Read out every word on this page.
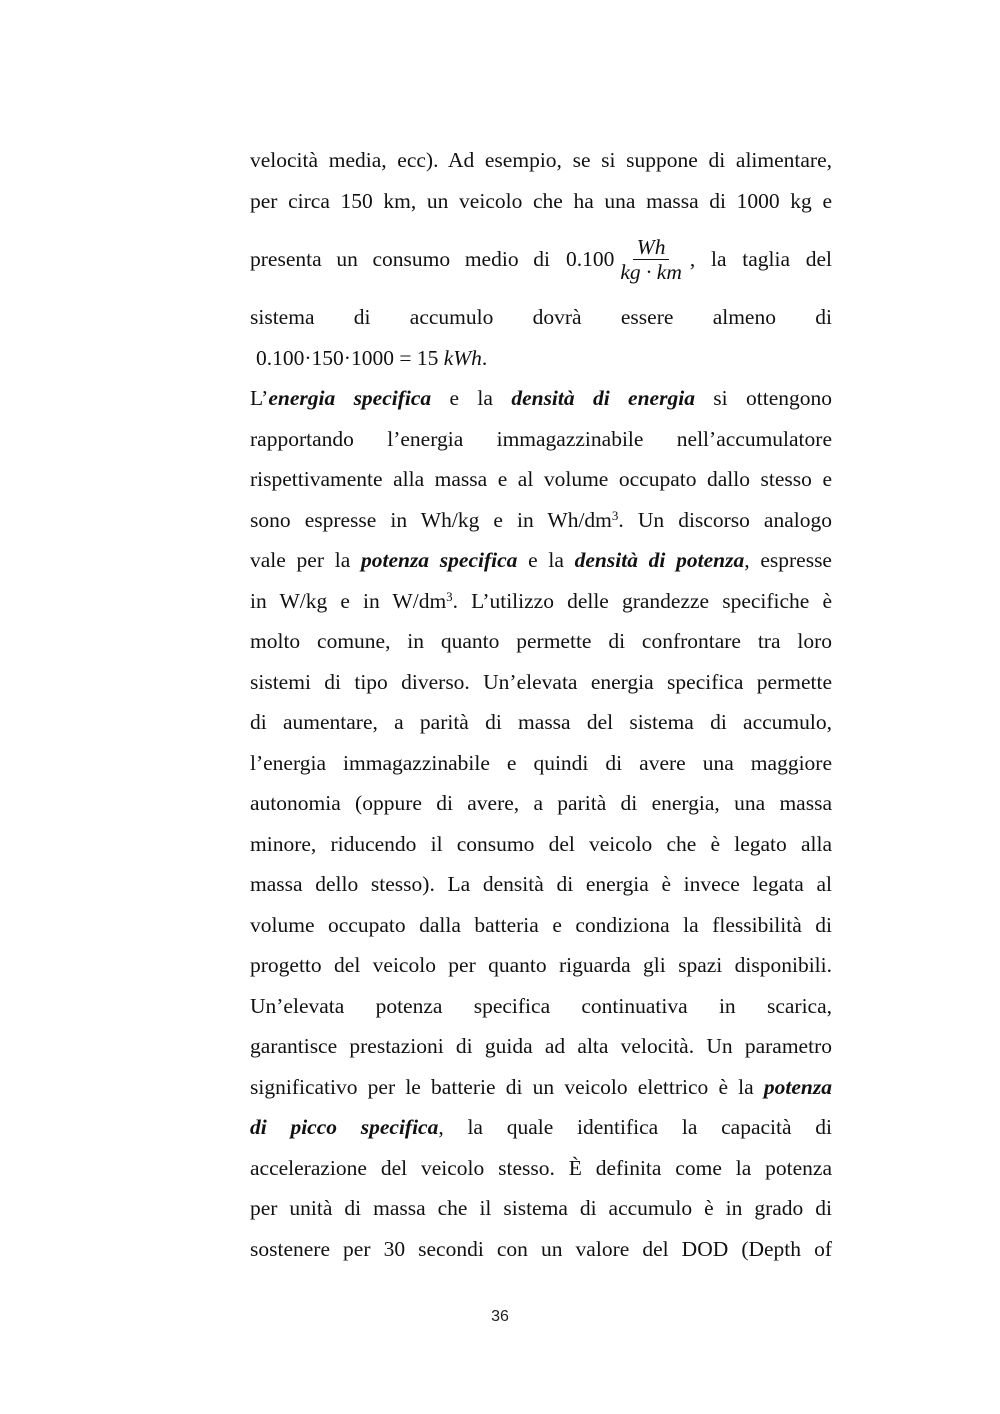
velocità media, ecc). Ad esempio, se si suppone di alimentare,
per circa 150 km, un veicolo che ha una massa di 1000 kg e
presenta un consumo medio di $0.100 \frac{Wh}{kg \cdot km}$ , la taglia del
sistema di accumulo dovrà essere almeno di
0.100·150·1000 = 15 kWh.
L’energia specifica e la densità di energia si ottengono
rapportando l’energia immagazzinabile nell’accumulatore
rispettivamente alla massa e al volume occupato dallo stesso e
sono espresse in Wh/kg e in $Wh/dm^3$. Un discorso analogo
vale per la potenza specifica e la densità di potenza, espresse
in W/kg e in $W/dm^3$. L’utilizzo delle grandezze specifiche è
molto comune, in quanto permette di confrontare tra loro
sistemi di tipo diverso. Un’elevata energia specifica permette
di aumentare, a parità di massa del sistema di accumulo,
l’energia immagazzinabile e quindi di avere una maggiore
autonomia (oppure di avere, a parità di energia, una massa
minore, riducendo il consumo del veicolo che è legato alla
massa dello stesso). La densità di energia è invece legata al
volume occupato dalla batteria e condiziona la flessibilità di
progetto del veicolo per quanto riguarda gli spazi disponibili.
Un’elevata potenza specifica continuativa in scarica,
garantisce prestazioni di guida ad alta velocità. Un parametro
significativo per le batterie di un veicolo elettrico è la potenza
di picco specifica, la quale identifica la capacità di
accelerazione del veicolo stesso. È definita come la potenza
per unità di massa che il sistema di accumulo è in grado di
sostenere per 30 secondi con un valore del DOD (Depth of
36
